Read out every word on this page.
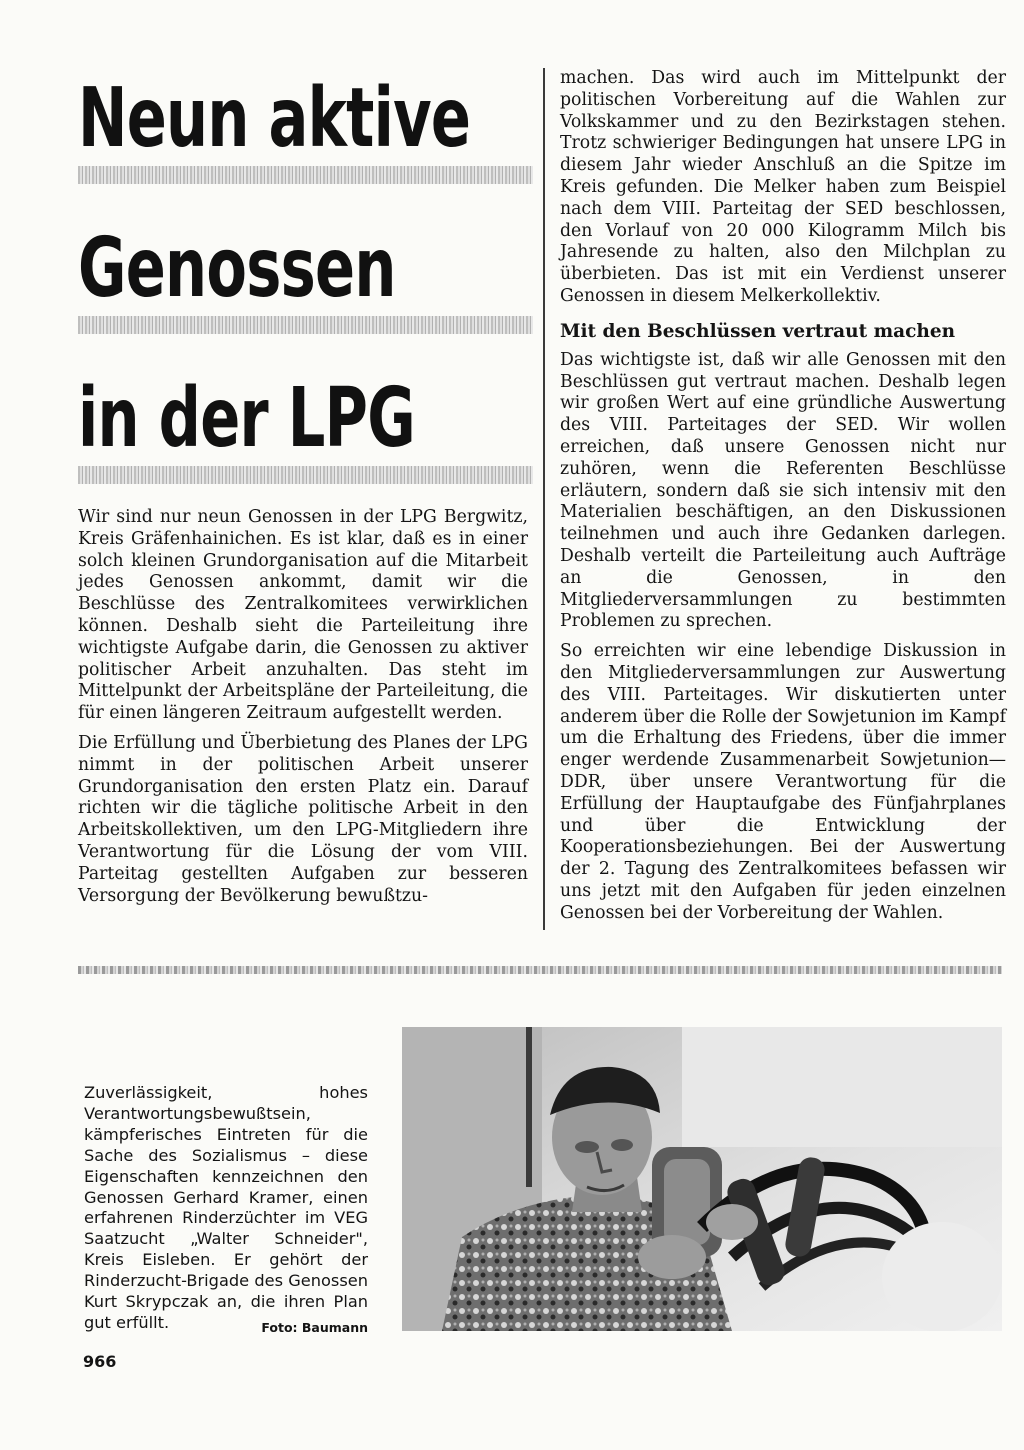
Neun aktive
Genossen
in der LPG

Wir sind nur neun Genossen in der LPG Bergwitz, Kreis Gräfenhainichen. Es ist klar, daß es in einer solch kleinen Grundorganisation auf die Mitarbeit jedes Genossen ankommt, damit wir die Beschlüsse des Zentralkomitees verwirklichen können. Deshalb sieht die Parteileitung ihre wichtigste Aufgabe darin, die Genossen zu aktiver politischer Arbeit anzuhalten. Das steht im Mittelpunkt der Arbeitspläne der Parteileitung, die für einen längeren Zeitraum aufgestellt werden.

Die Erfüllung und Überbietung des Planes der LPG nimmt in der politischen Arbeit unserer Grundorganisation den ersten Platz ein. Darauf richten wir die tägliche politische Arbeit in den Arbeitskollektiven, um den LPG-Mitgliedern ihre Verantwortung für die Lösung der vom VIII. Parteitag gestellten Aufgaben zur besseren Versorgung der Bevölkerung bewußtzu-

machen. Das wird auch im Mittelpunkt der politischen Vorbereitung auf die Wahlen zur Volkskammer und zu den Bezirkstagen stehen. Trotz schwieriger Bedingungen hat unsere LPG in diesem Jahr wieder Anschluß an die Spitze im Kreis gefunden. Die Melker haben zum Beispiel nach dem VIII. Parteitag der SED beschlossen, den Vorlauf von 20 000 Kilogramm Milch bis Jahresende zu halten, also den Milchplan zu überbieten. Das ist mit ein Verdienst unserer Genossen in diesem Melkerkollektiv.

Mit den Beschlüssen vertraut machen

Das wichtigste ist, daß wir alle Genossen mit den Beschlüssen gut vertraut machen. Deshalb legen wir großen Wert auf eine gründliche Auswertung des VIII. Parteitages der SED. Wir wollen erreichen, daß unsere Genossen nicht nur zuhören, wenn die Referenten Beschlüsse erläutern, sondern daß sie sich intensiv mit den Materialien beschäftigen, an den Diskussionen teilnehmen und auch ihre Gedanken darlegen. Deshalb verteilt die Parteileitung auch Aufträge an die Genossen, in den Mitgliederversammlungen zu bestimmten Problemen zu sprechen.

So erreichten wir eine lebendige Diskussion in den Mitgliederversammlungen zur Auswertung des VIII. Parteitages. Wir diskutierten unter anderem über die Rolle der Sowjetunion im Kampf um die Erhaltung des Friedens, über die immer enger werdende Zusammenarbeit Sowjetunion—DDR, über unsere Verantwortung für die Erfüllung der Hauptaufgabe des Fünfjahrplanes und über die Entwicklung der Kooperationsbeziehungen. Bei der Auswertung der 2. Tagung des Zentralkomitees befassen wir uns jetzt mit den Aufgaben für jeden einzelnen Genossen bei der Vorbereitung der Wahlen.

Zuverlässigkeit, hohes Verantwortungsbewußtsein, kämpferisches Eintreten für die Sache des Sozialismus – diese Eigenschaften kennzeichnen den Genossen Gerhard Kramer, einen erfahrenen Rinderzüchter im VEG Saatzucht „Walter Schneider", Kreis Eisleben. Er gehört der Rinderzucht-Brigade des Genossen Kurt Skrypczak an, die ihren Plan gut erfüllt.	Foto: Baumann
966
